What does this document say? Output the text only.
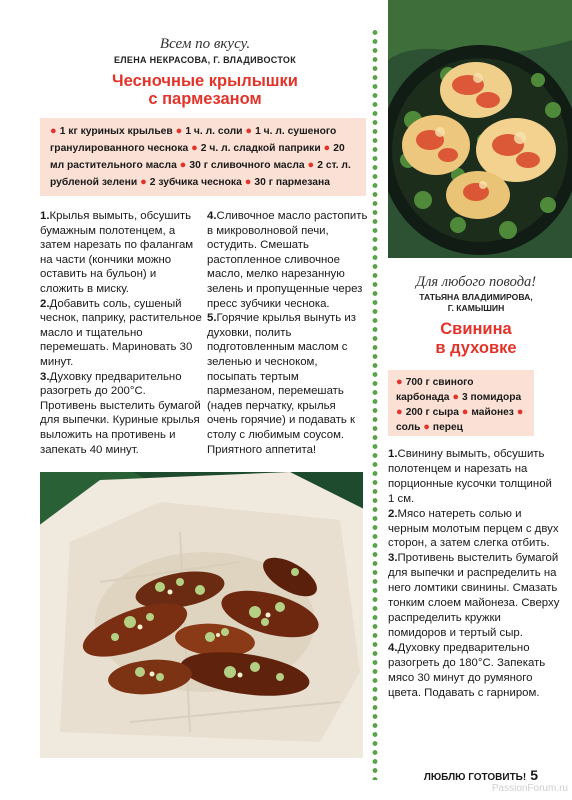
Всем по вкусу.
ЕЛЕНА НЕКРАСОВА, Г. ВЛАДИВОСТОК
Чесночные крылышки
с пармезаном
● 1 кг куриных крыльев ● 1 ч. л. соли ● 1 ч. л. сушеного гранулированного чеснока ● 2 ч. л. сладкой паприки ● 20 мл растительного масла ● 30 г сливочного масла ● 2 ст. л. рубленой зелени ● 2 зубчика чеснока ● 30 г пармезана

1.Крылья вымыть, обсушить бумажным полотенцем, а затем нарезать по фалангам на части (кончики можно оставить на бульон) и сложить в миску.

2.Добавить соль, сушеный чеснок, паприку, растительное масло и тщательно перемешать. Мариновать 30 минут.

3.Духовку предварительно разогреть до 200°С. Противень выстелить бумагой для выпечки. Куриные крылья выложить на противень и запекать 40 минут.

4.Сливочное масло растопить в микроволновой печи, остудить. Смешать растопленное сливочное масло, мелко нарезанную зелень и пропущенные через пресс зубчики чеснока.

5.Горячие крылья вынуть из духовки, полить подготовленным маслом с зеленью и чесноком, посыпать тертым пармезаном, перемешать (надев перчатку, крылья очень горячие) и подавать к столу с любимым соусом. Приятного аппетита!

Для любого повода!
ТАТЬЯНА ВЛАДИМИРОВА,
Г. КАМЫШИН
Свинина
в духовке
● 700 г свиного карбонада ● 3 помидора ● 200 г сыра ● майонез ● соль ● перец

1.Свинину вымыть, обсушить полотенцем и нарезать на порционные кусочки толщиной 1 см.

2.Мясо натереть солью и черным молотым перцем с двух сторон, а затем слегка отбить.

3.Противень выстелить бумагой для выпечки и распределить на него ломтики свинины. Смазать тонким слоем майонеза. Сверху распределить кружки помидоров и тертый сыр.

4.Духовку предварительно разогреть до 180°С. Запекать мясо 30 минут до румяного цвета. Подавать с гарниром.

ЛЮБЛЮ ГОТОВИТЬ! 5
PassionForum.ru
